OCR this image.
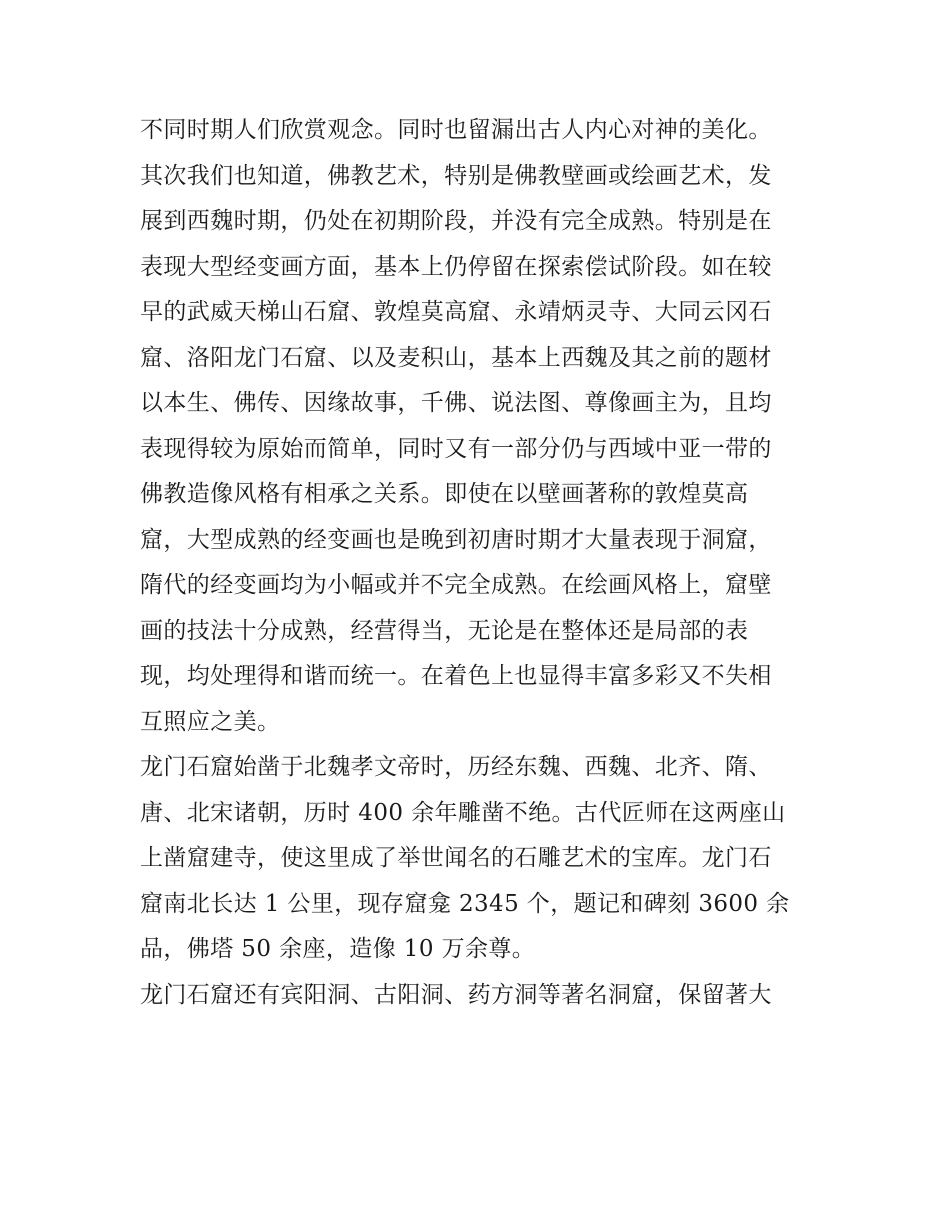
不同时期人们欣赏观念。同时也留漏出古人内心对神的美化。
其次我们也知道，佛教艺术，特别是佛教壁画或绘画艺术，发
展到西魏时期，仍处在初期阶段，并没有完全成熟。特别是在
表现大型经变画方面，基本上仍停留在探索偿试阶段。如在较
早的武威天梯山石窟、敦煌莫高窟、永靖炳灵寺、大同云冈石
窟、洛阳龙门石窟、以及麦积山，基本上西魏及其之前的题材
以本生、佛传、因缘故事，千佛、说法图、尊像画主为，且均
表现得较为原始而简单，同时又有一部分仍与西域中亚一带的
佛教造像风格有相承之关系。即使在以壁画著称的敦煌莫高
窟，大型成熟的经变画也是晚到初唐时期才大量表现于洞窟，
隋代的经变画均为小幅或并不完全成熟。在绘画风格上，窟壁
画的技法十分成熟，经营得当，无论是在整体还是局部的表
现，均处理得和谐而统一。在着色上也显得丰富多彩又不失相
互照应之美。
龙门石窟始凿于北魏孝文帝时，历经东魏、西魏、北齐、隋、
唐、北宋诸朝，历时 400 余年雕凿不绝。古代匠师在这两座山
上凿窟建寺，使这里成了举世闻名的石雕艺术的宝库。龙门石
窟南北长达 1 公里，现存窟龛 2345 个，题记和碑刻 3600 余
品，佛塔 50 余座，造像 10 万余尊。
龙门石窟还有宾阳洞、古阳洞、药方洞等著名洞窟，保留著大
